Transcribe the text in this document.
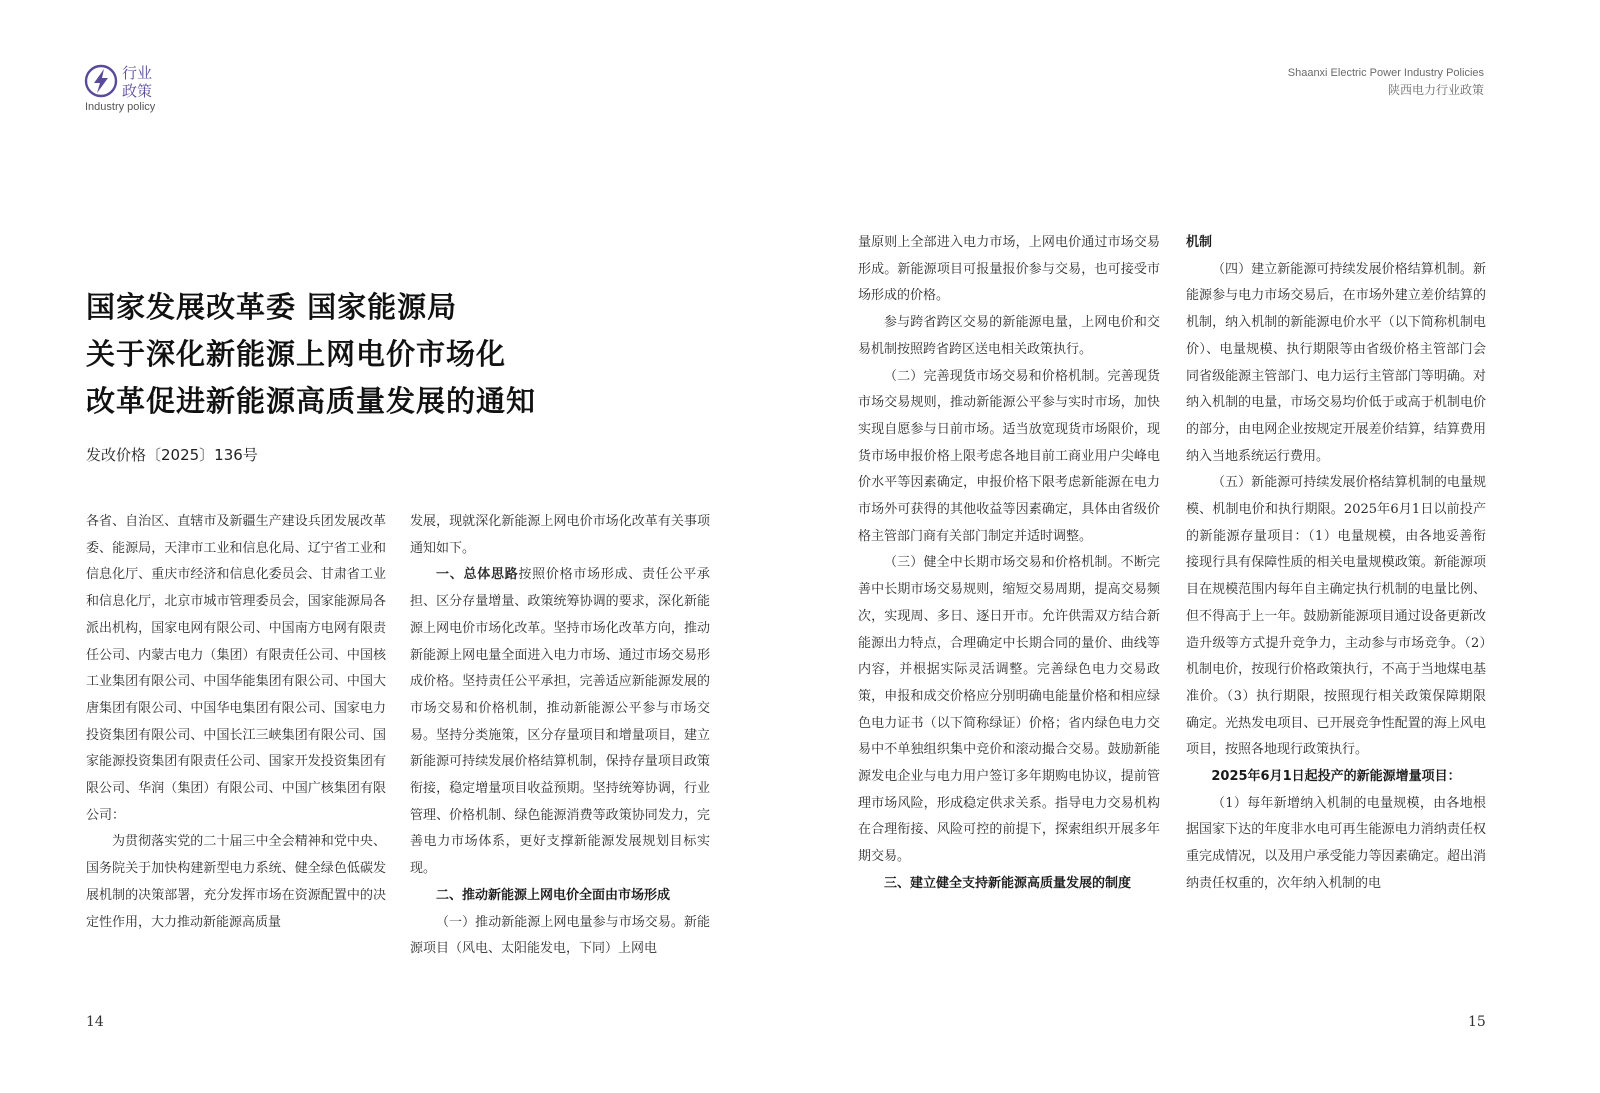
行业
政策
Industry policy
国家发展改革委 国家能源局
关于深化新能源上网电价市场化
改革促进新能源高质量发展的通知
发改价格〔2025〕136号

各省、自治区、直辖市及新疆生产建设兵团发展改革委、能源局，天津市工业和信息化局、辽宁省工业和信息化厅、重庆市经济和信息化委员会、甘肃省工业和信息化厅，北京市城市管理委员会，国家能源局各派出机构，国家电网有限公司、中国南方电网有限责任公司、内蒙古电力（集团）有限责任公司、中国核工业集团有限公司、中国华能集团有限公司、中国大唐集团有限公司、中国华电集团有限公司、国家电力投资集团有限公司、中国长江三峡集团有限公司、国家能源投资集团有限责任公司、国家开发投资集团有限公司、华润（集团）有限公司、中国广核集团有限公司：

为贯彻落实党的二十届三中全会精神和党中央、国务院关于加快构建新型电力系统、健全绿色低碳发展机制的决策部署，充分发挥市场在资源配置中的决定性作用，大力推动新能源高质量

发展，现就深化新能源上网电价市场化改革有关事项通知如下。

一、总体思路按照价格市场形成、责任公平承担、区分存量增量、政策统筹协调的要求，深化新能源上网电价市场化改革。坚持市场化改革方向，推动新能源上网电量全面进入电力市场、通过市场交易形成价格。坚持责任公平承担，完善适应新能源发展的市场交易和价格机制，推动新能源公平参与市场交易。坚持分类施策，区分存量项目和增量项目，建立新能源可持续发展价格结算机制，保持存量项目政策衔接，稳定增量项目收益预期。坚持统筹协调，行业管理、价格机制、绿色能源消费等政策协同发力，完善电力市场体系，更好支撑新能源发展规划目标实现。

二、推动新能源上网电价全面由市场形成

（一）推动新能源上网电量参与市场交易。新能源项目（风电、太阳能发电，下同）上网电

14
Shaanxi Electric Power Industry Policies
陕西电力行业政策

量原则上全部进入电力市场，上网电价通过市场交易形成。新能源项目可报量报价参与交易，也可接受市场形成的价格。

参与跨省跨区交易的新能源电量，上网电价和交易机制按照跨省跨区送电相关政策执行。

（二）完善现货市场交易和价格机制。完善现货市场交易规则，推动新能源公平参与实时市场，加快实现自愿参与日前市场。适当放宽现货市场限价，现货市场申报价格上限考虑各地目前工商业用户尖峰电价水平等因素确定，申报价格下限考虑新能源在电力市场外可获得的其他收益等因素确定，具体由省级价格主管部门商有关部门制定并适时调整。

（三）健全中长期市场交易和价格机制。不断完善中长期市场交易规则，缩短交易周期，提高交易频次，实现周、多日、逐日开市。允许供需双方结合新能源出力特点，合理确定中长期合同的量价、曲线等内容，并根据实际灵活调整。完善绿色电力交易政策，申报和成交价格应分别明确电能量价格和相应绿色电力证书（以下简称绿证）价格；省内绿色电力交易中不单独组织集中竞价和滚动撮合交易。鼓励新能源发电企业与电力用户签订多年期购电协议，提前管理市场风险，形成稳定供求关系。指导电力交易机构在合理衔接、风险可控的前提下，探索组织开展多年期交易。

三、建立健全支持新能源高质量发展的制度

机制

（四）建立新能源可持续发展价格结算机制。新能源参与电力市场交易后，在市场外建立差价结算的机制，纳入机制的新能源电价水平（以下简称机制电价）、电量规模、执行期限等由省级价格主管部门会同省级能源主管部门、电力运行主管部门等明确。对纳入机制的电量，市场交易均价低于或高于机制电价的部分，由电网企业按规定开展差价结算，结算费用纳入当地系统运行费用。

（五）新能源可持续发展价格结算机制的电量规模、机制电价和执行期限。2025年6月1日以前投产的新能源存量项目：（1）电量规模，由各地妥善衔接现行具有保障性质的相关电量规模政策。新能源项目在规模范围内每年自主确定执行机制的电量比例、但不得高于上一年。鼓励新能源项目通过设备更新改造升级等方式提升竞争力，主动参与市场竞争。（2）机制电价，按现行价格政策执行，不高于当地煤电基准价。（3）执行期限，按照现行相关政策保障期限确定。光热发电项目、已开展竞争性配置的海上风电项目，按照各地现行政策执行。

2025年6月1日起投产的新能源增量项目：

（1）每年新增纳入机制的电量规模，由各地根据国家下达的年度非水电可再生能源电力消纳责任权重完成情况，以及用户承受能力等因素确定。超出消纳责任权重的，次年纳入机制的电

15
